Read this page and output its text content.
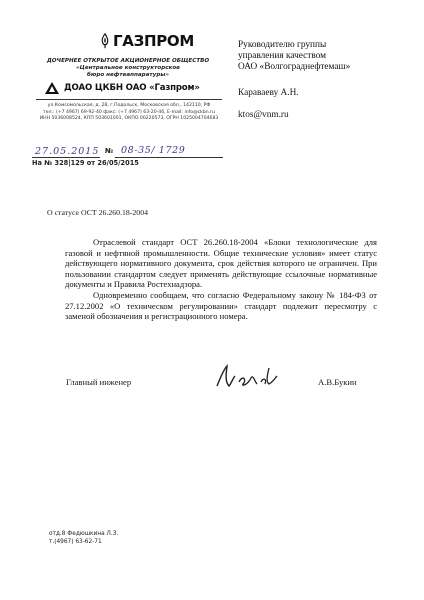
ГАЗПРОМ
ДОЧЕРНЕЕ ОТКРЫТОЕ АКЦИОНЕРНОЕ ОБЩЕСТВО
«Центральное конструкторское
бюро нефтеаппаратуры»
ДОАО ЦКБН ОАО «Газпром»
ул.Комсомольская, д. 28, г.Подольск, Московская обл., 142110, РФ
тел.: (+7 4967) 69-92-40 факс: (+7 4967) 63-20-46, E-mail: info@ckbn.ru
ИНН 5036008524, КПП 503601001, ОКПО 00220573, ОГРН 1025004704683
27.05.2015 № 08-35/ 1729
На № 328|129 от 26/05/2015
Руководителю группы
управления качеством
ОАО «Волгограднефтемаш»
Караваеву А.Н.
ktos@vnm.ru
О статусе ОСТ 26.260.18-2004

Отраслевой стандарт ОСТ 26.260.18-2004 «Блоки технологические для газовой и нефтяной промышленности. Общие технические условия» имеет статус действующего нормативного документа, срок действия которого не ограничен. При пользовании стандартом следует применять действующие ссылочные нормативные документы и Правила Ростехнадзора.

Одновременно сообщаем, что согласно Федеральному закону № 184-ФЗ от 27.12.2002 «О техническом регулировании» стандарт подлежит пересмотру с заменой обозначения и регистрационного номера.

Главный инженер	А.В.Букин
отд.8 Федюшкина Л.З.
т.(4967) 63-62-71
